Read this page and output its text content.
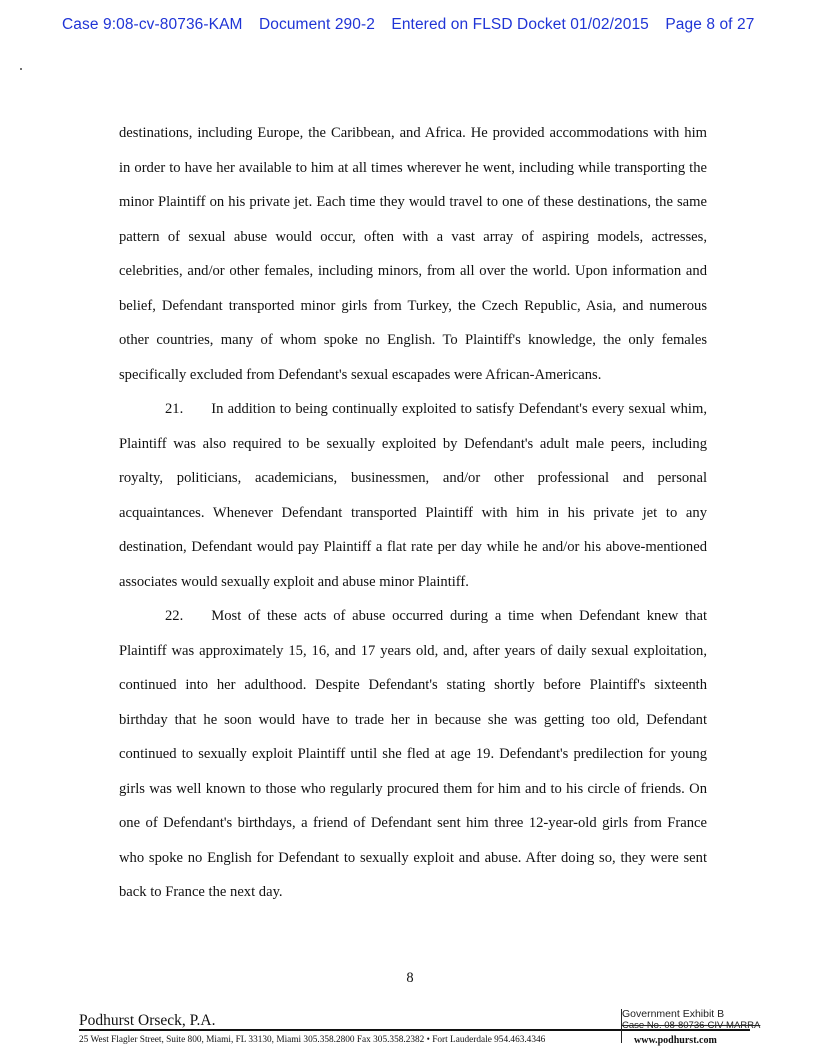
Case 9:08-cv-80736-KAM Document 290-2 Entered on FLSD Docket 01/02/2015 Page 8 of 27

destinations, including Europe, the Caribbean, and Africa. He provided accommodations with him in order to have her available to him at all times wherever he went, including while transporting the minor Plaintiff on his private jet. Each time they would travel to one of these destinations, the same pattern of sexual abuse would occur, often with a vast array of aspiring models, actresses, celebrities, and/or other females, including minors, from all over the world. Upon information and belief, Defendant transported minor girls from Turkey, the Czech Republic, Asia, and numerous other countries, many of whom spoke no English. To Plaintiff's knowledge, the only females specifically excluded from Defendant's sexual escapades were African-Americans.

21. In addition to being continually exploited to satisfy Defendant's every sexual whim, Plaintiff was also required to be sexually exploited by Defendant's adult male peers, including royalty, politicians, academicians, businessmen, and/or other professional and personal acquaintances. Whenever Defendant transported Plaintiff with him in his private jet to any destination, Defendant would pay Plaintiff a flat rate per day while he and/or his above-mentioned associates would sexually exploit and abuse minor Plaintiff.

22. Most of these acts of abuse occurred during a time when Defendant knew that Plaintiff was approximately 15, 16, and 17 years old, and, after years of daily sexual exploitation, continued into her adulthood. Despite Defendant's stating shortly before Plaintiff's sixteenth birthday that he soon would have to trade her in because she was getting too old, Defendant continued to sexually exploit Plaintiff until she fled at age 19. Defendant's predilection for young girls was well known to those who regularly procured them for him and to his circle of friends. On one of Defendant's birthdays, a friend of Defendant sent him three 12-year-old girls from France who spoke no English for Defendant to sexually exploit and abuse. After doing so, they were sent back to France the next day.

8
Podhurst Orseck, P.A.
25 West Flagler Street, Suite 800, Miami, FL 33130, Miami 305.358.2800 Fax 305.358.2382 • Fort Lauderdale 954.463.4346	www.podhurst.com
Government Exhibit B
Case No. 08-80736-CIV-MARRA
